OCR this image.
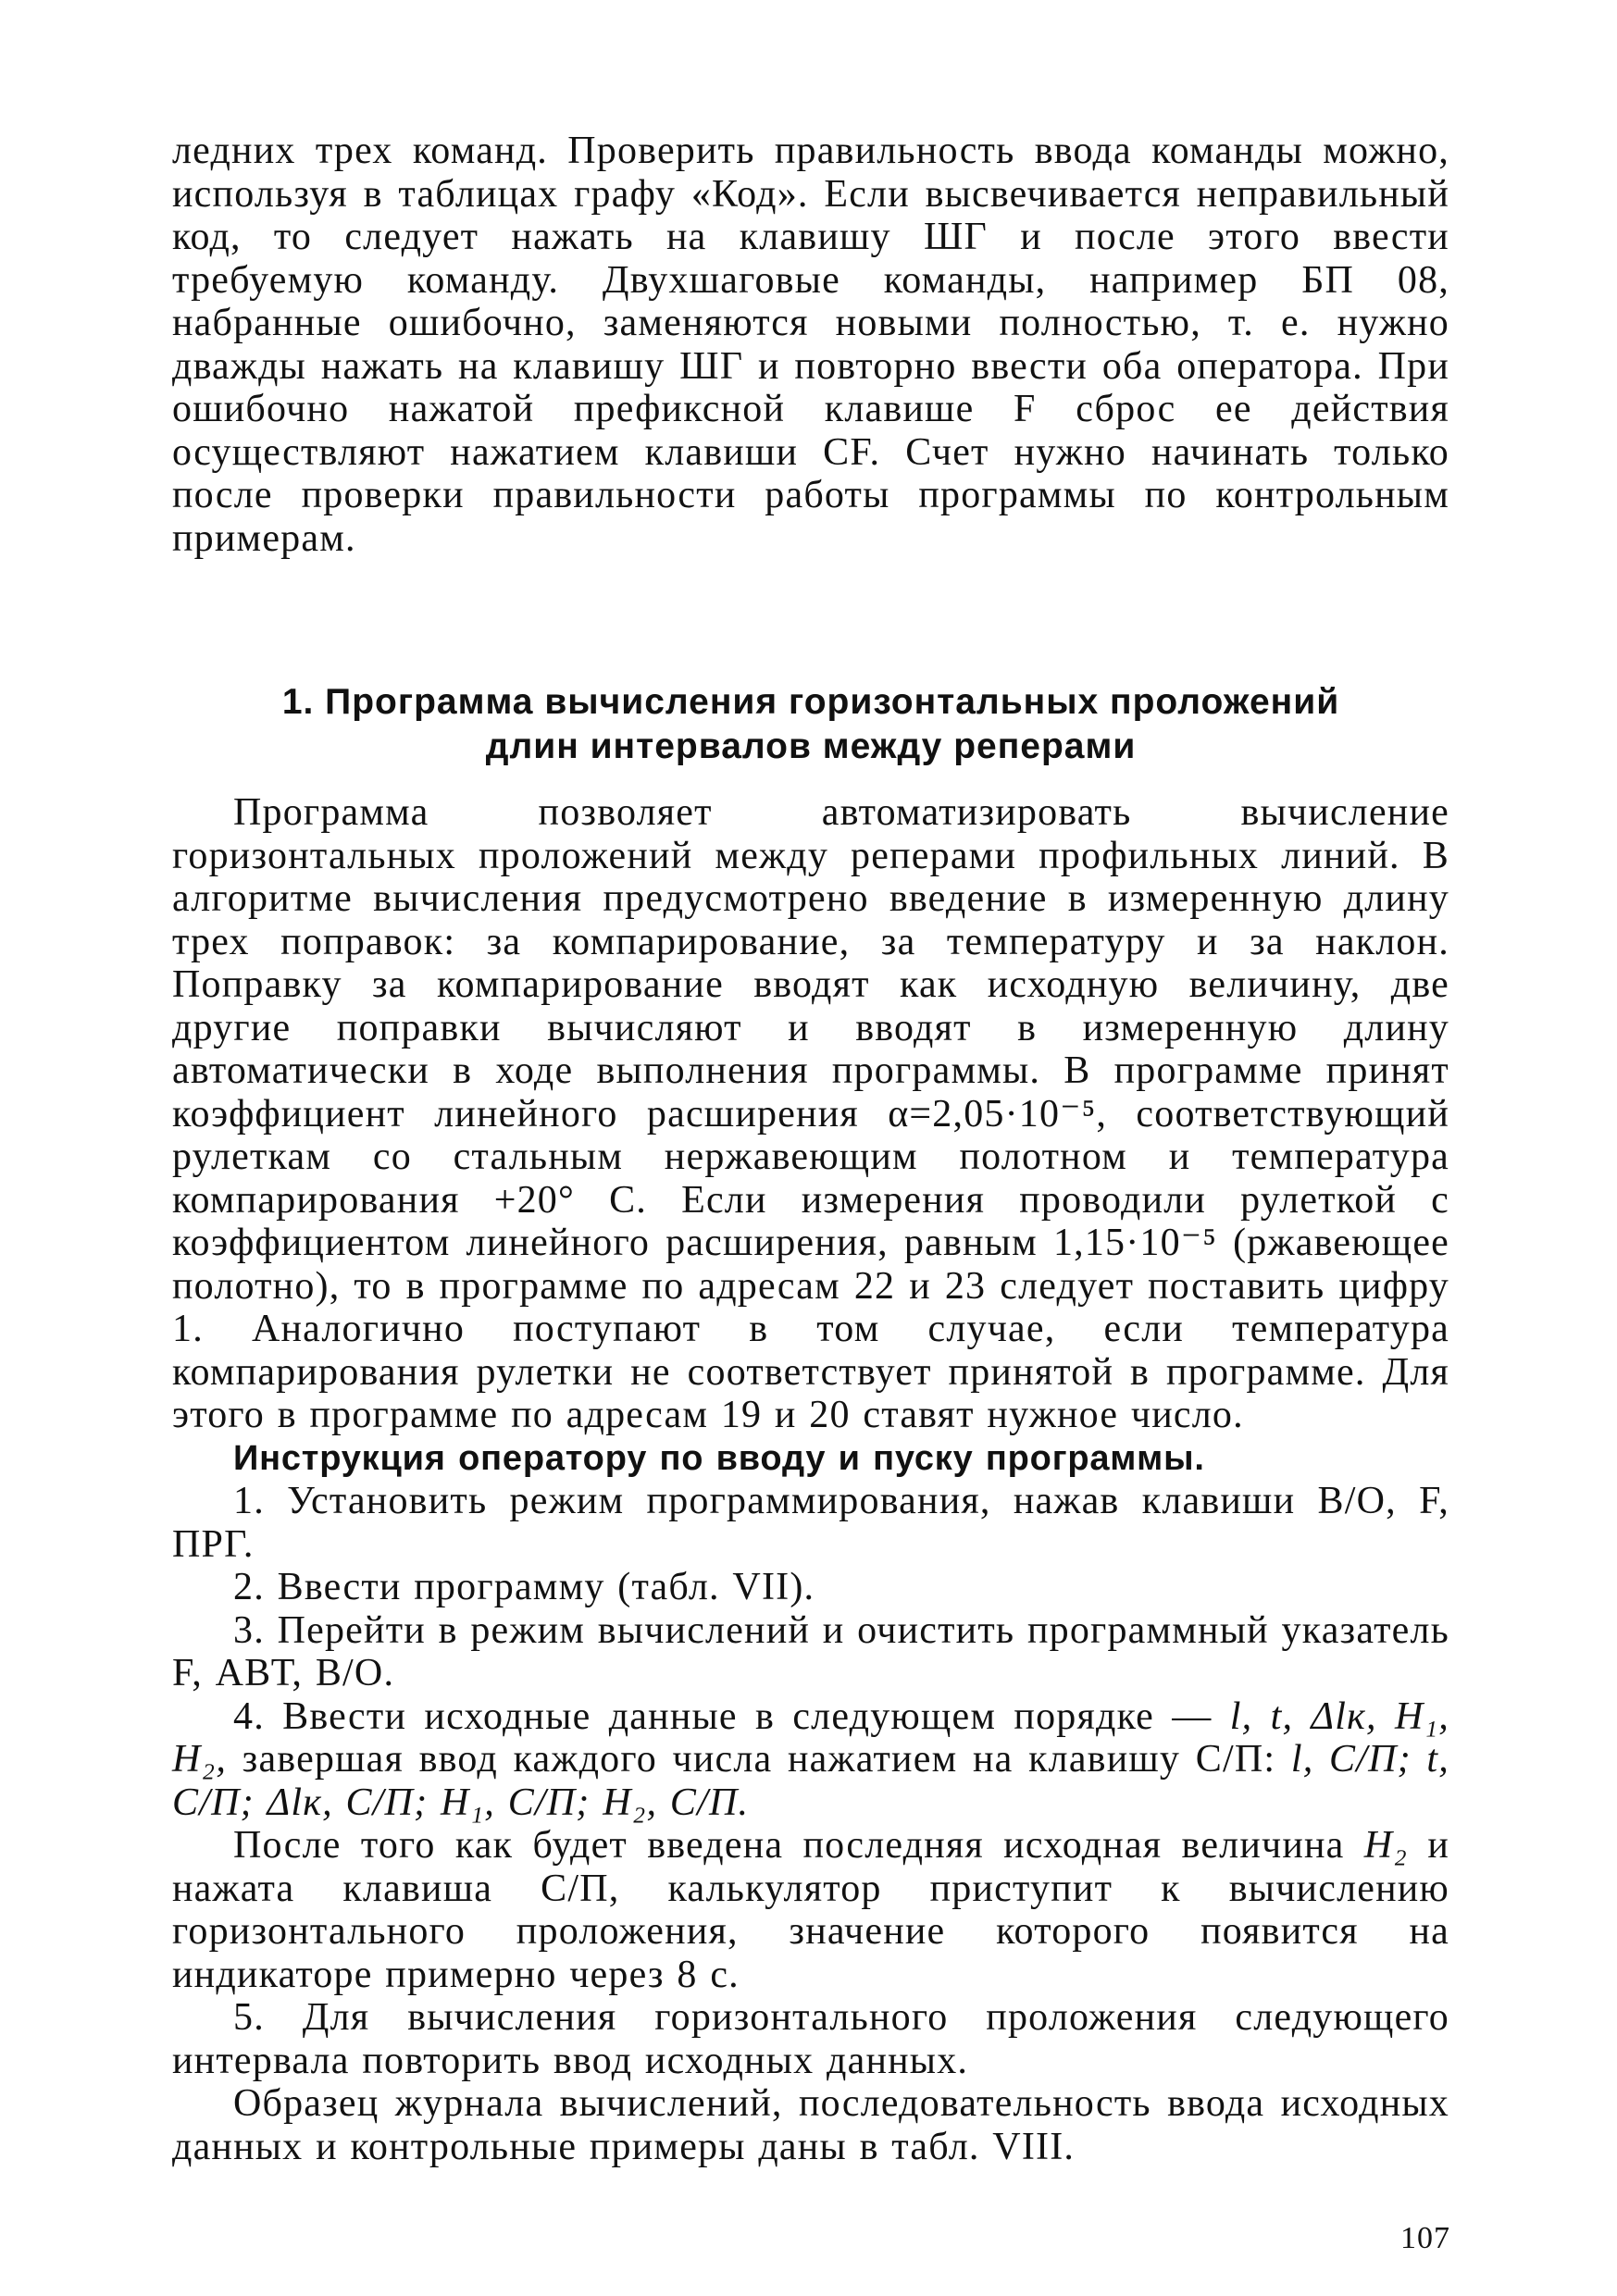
ледних трех команд. Проверить правильность ввода команды можно, используя в таблицах графу «Код». Если высвечивается неправильный код, то следует нажать на клавишу ШГ и после этого ввести требуемую команду. Двухшаговые команды, например БП 08, набранные ошибочно, заменяются новыми полностью, т. е. нужно дважды нажать на клавишу ШГ и повторно ввести оба оператора. При ошибочно нажатой префиксной клавише F сброс ее действия осуществляют нажатием клавиши CF. Счет нужно начинать только после проверки правильности работы программы по контрольным примерам.

1. Программа вычисления горизонтальных проложений
длин интервалов между реперами

Программа позволяет автоматизировать вычисление горизонтальных проложений между реперами профильных линий. В алгоритме вычисления предусмотрено введение в измеренную длину трех поправок: за компарирование, за температуру и за наклон. Поправку за компарирование вводят как исходную величину, две другие поправки вычисляют и вводят в измеренную длину автоматически в ходе выполнения программы. В программе принят коэффициент линейного расширения α=2,05·10⁻⁵, соответствующий рулеткам со стальным нержавеющим полотном и температура компарирования +20° С. Если измерения проводили рулеткой с коэффициентом линейного расширения, равным 1,15·10⁻⁵ (ржавеющее полотно), то в программе по адресам 22 и 23 следует поставить цифру 1. Аналогично поступают в том случае, если температура компарирования рулетки не соответствует принятой в программе. Для этого в программе по адресам 19 и 20 ставят нужное число.

Инструкция оператору по вводу и пуску программы.

1. Установить режим программирования, нажав клавиши В/О, F, ПРГ.

2. Ввести программу (табл. VII).

3. Перейти в режим вычислений и очистить программный указатель F, АВТ, В/О.

4. Ввести исходные данные в следующем порядке — l, t, Δlк, H₁, H₂, завершая ввод каждого числа нажатием на клавишу С/П: l, С/П; t, С/П; Δlк, С/П; H₁, С/П; H₂, С/П.

После того как будет введена последняя исходная величина H₂ и нажата клавиша С/П, калькулятор приступит к вычислению горизонтального проложения, значение которого появится на индикаторе примерно через 8 с.

5. Для вычисления горизонтального проложения следующего интервала повторить ввод исходных данных.

Образец журнала вычислений, последовательность ввода исходных данных и контрольные примеры даны в табл. VIII.

107
